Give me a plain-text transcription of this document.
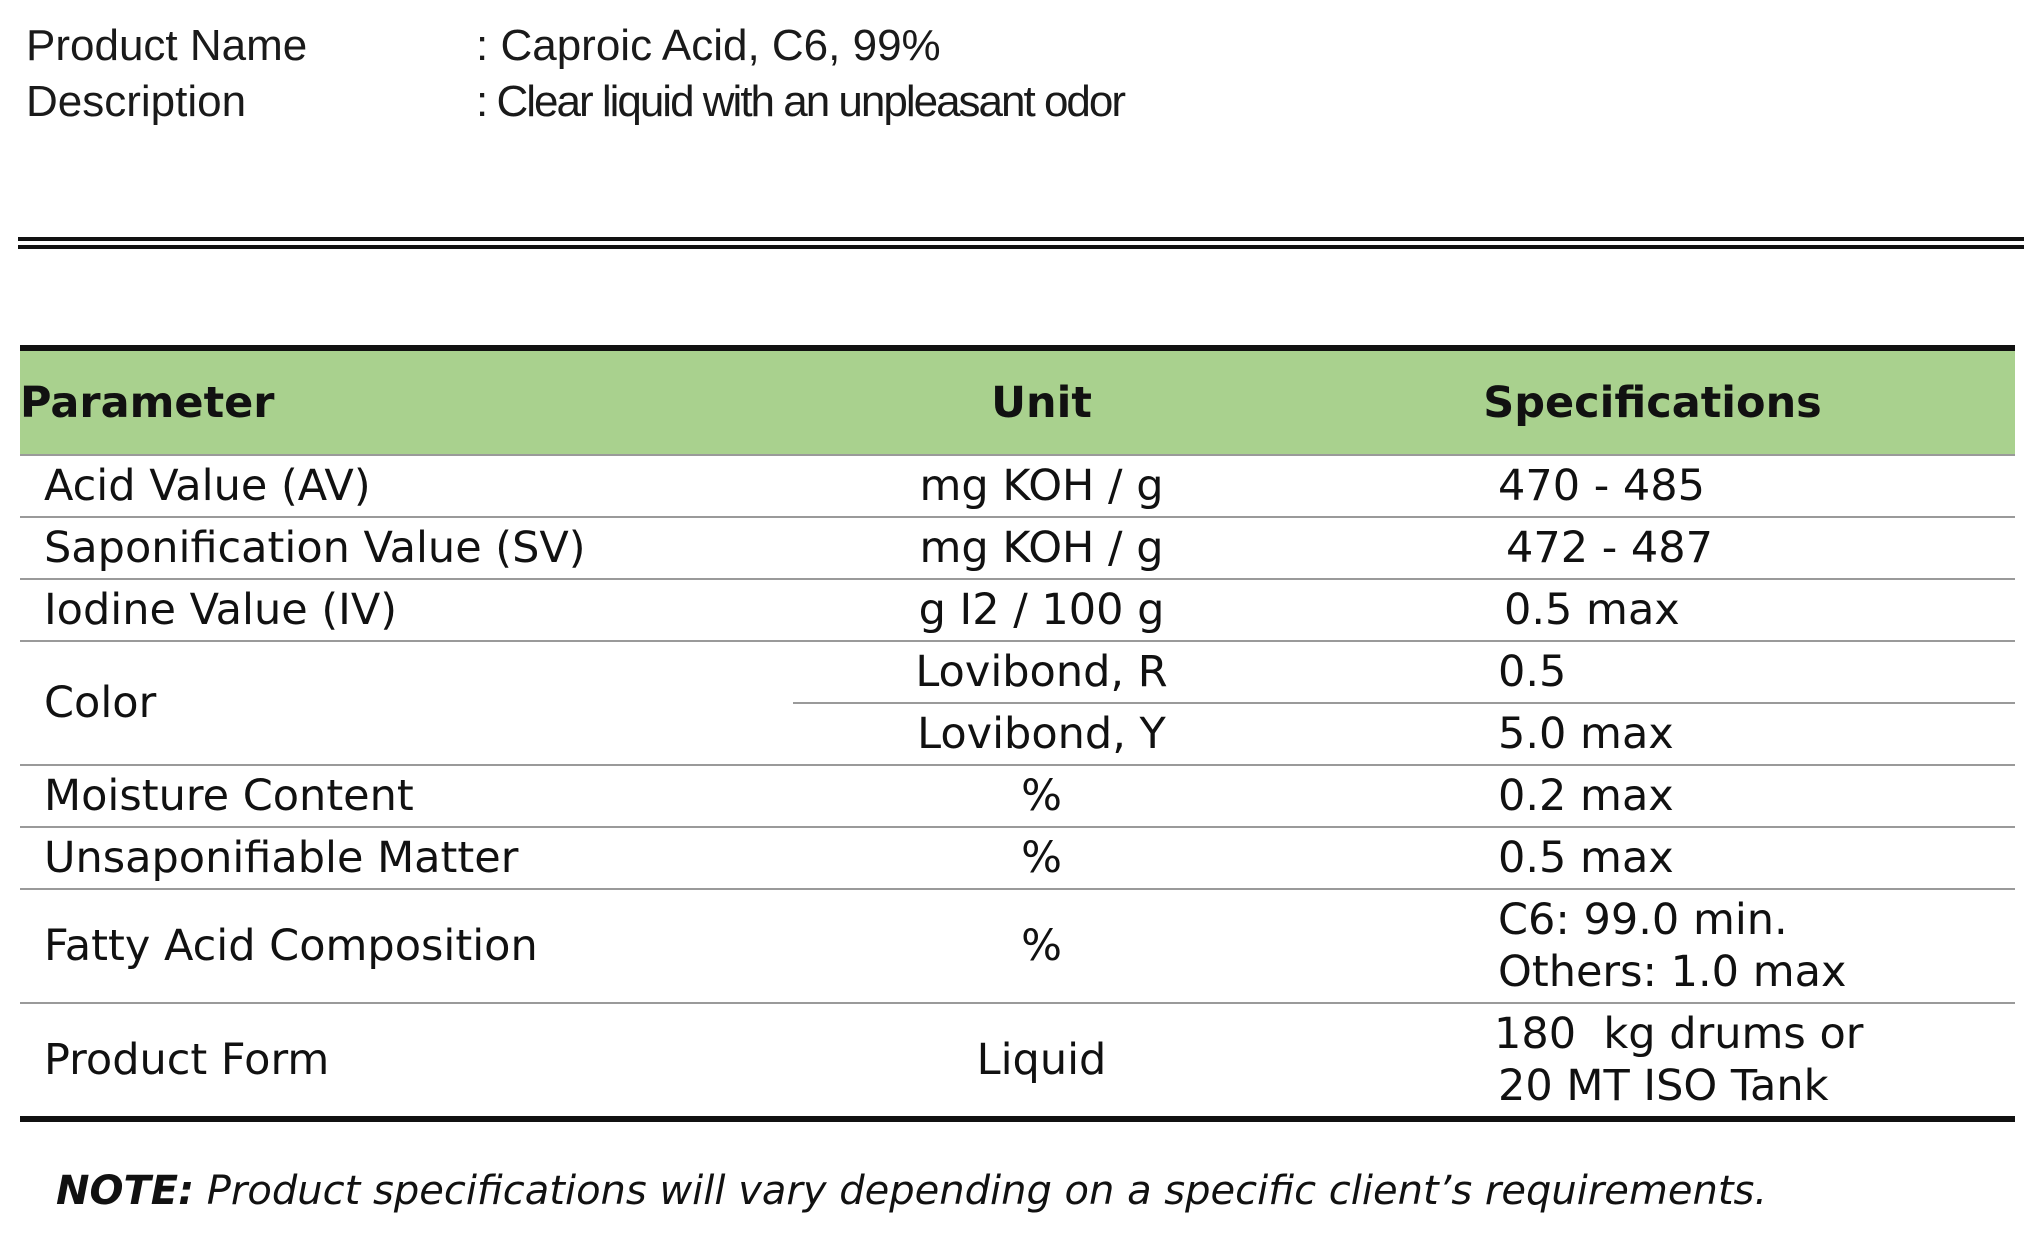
Product Name	: Caproic Acid, C6, 99%
Description	: Clear liquid with an unpleasant odor
Parameter	Unit	Specifications
Acid Value (AV)	mg KOH / g	470 - 485
Saponification Value (SV)	mg KOH / g	472 - 487
Iodine Value (IV)	g I2 / 100 g	0.5 max
Color	Lovibond, R	0.5
	Lovibond, Y	5.0 max
Moisture Content	%	0.2 max
Unsaponifiable Matter	%	0.5 max
Fatty Acid Composition	%	C6: 99.0 min.
Others: 1.0 max
Product Form	Liquid	180  kg drums or
20 MT ISO Tank
NOTE: Product specifications will vary depending on a specific client’s requirements.
